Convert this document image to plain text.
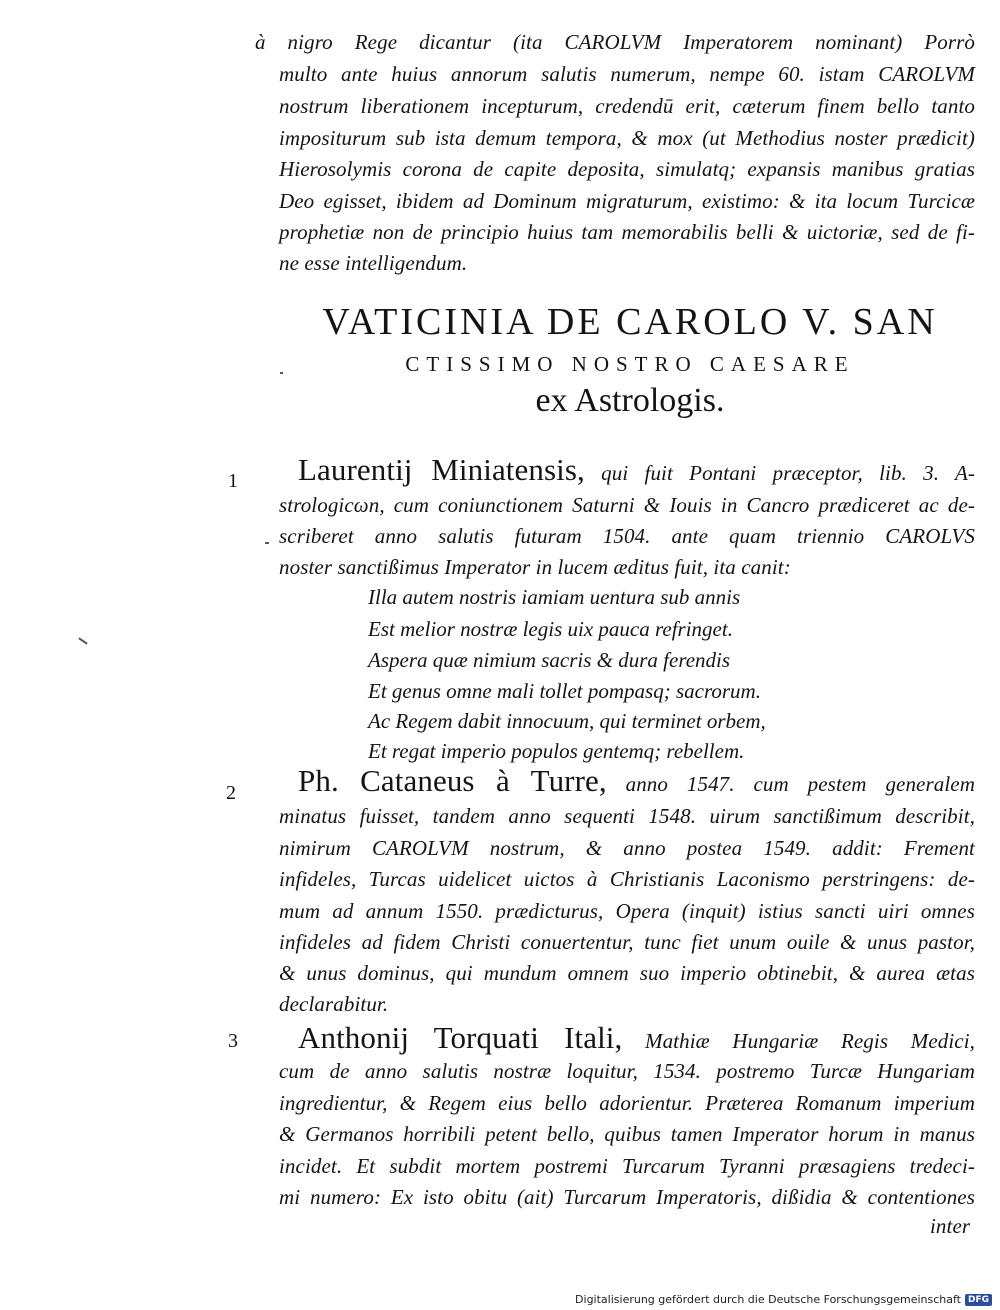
à nigro Rege dicantur (ita CAROLVM Imperatorem nominant) Porrò
multo ante huius annorum salutis numerum, nempe 60. istam CAROLVM
nostrum liberationem incepturum, credendū erit, cæterum finem bello tanto
impositurum sub ista demum tempora, & mox (ut Methodius noster prædicit)
Hierosolymis corona de capite deposita, simulatq; expansis manibus gratias
Deo egisset, ibidem ad Dominum migraturum, existimo: & ita locum Turcicæ
prophetiæ non de principio huius tam memorabilis belli & uictoriæ, sed de fi-
ne esse intelligendum.
VATICINIA DE CAROLO V. SAN
CTISSIMO NOSTRO CAESARE
ex Astrologis.
1 Laurentij Miniatensis, qui fuit Pontani præceptor, lib. 3. A-
strologicωn, cum coniunctionem Saturni & Iouis in Cancro prædiceret ac de-
scriberet anno salutis futuram 1504. ante quam triennio CAROLVS
noster sanctißimus Imperator in lucem æditus fuit, ita canit:
Illa autem nostris iamiam uentura sub annis
Est melior nostræ legis uix pauca refringet.
Aspera quæ nimium sacris & dura ferendis
Et genus omne mali tollet pompasq; sacrorum.
Ac Regem dabit innocuum, qui terminet orbem,
Et regat imperio populos gentemq; rebellem.
2 Ph. Cataneus à Turre, anno 1547. cum pestem generalem
minatus fuisset, tandem anno sequenti 1548. uirum sanctißimum describit,
nimirum CAROLVM nostrum, & anno postea 1549. addit: Frement
infideles, Turcas uidelicet uictos à Christianis Laconismo perstringens: de-
mum ad annum 1550. prædicturus, Opera (inquit) istius sancti uiri omnes
infideles ad fidem Christi conuertentur, tunc fiet unum ouile & unus pastor,
& unus dominus, qui mundum omnem suo imperio obtinebit, & aurea ætas
declarabitur.
3 Anthonij Torquati Itali, Mathiæ Hungariæ Regis Medici,
cum de anno salutis nostræ loquitur, 1534. postremo Turcæ Hungariam
ingredientur, & Regem eius bello adorientur. Præterea Romanum imperium
& Germanos horribili petent bello, quibus tamen Imperator horum in manus
incidet. Et subdit mortem postremi Turcarum Tyranni præsagiens tredeci-
mi numero: Ex isto obitu (ait) Turcarum Imperatoris, dißidia & contentiones
inter
Digitalisierung gefördert durch die Deutsche Forschungsgemeinschaft DFG
